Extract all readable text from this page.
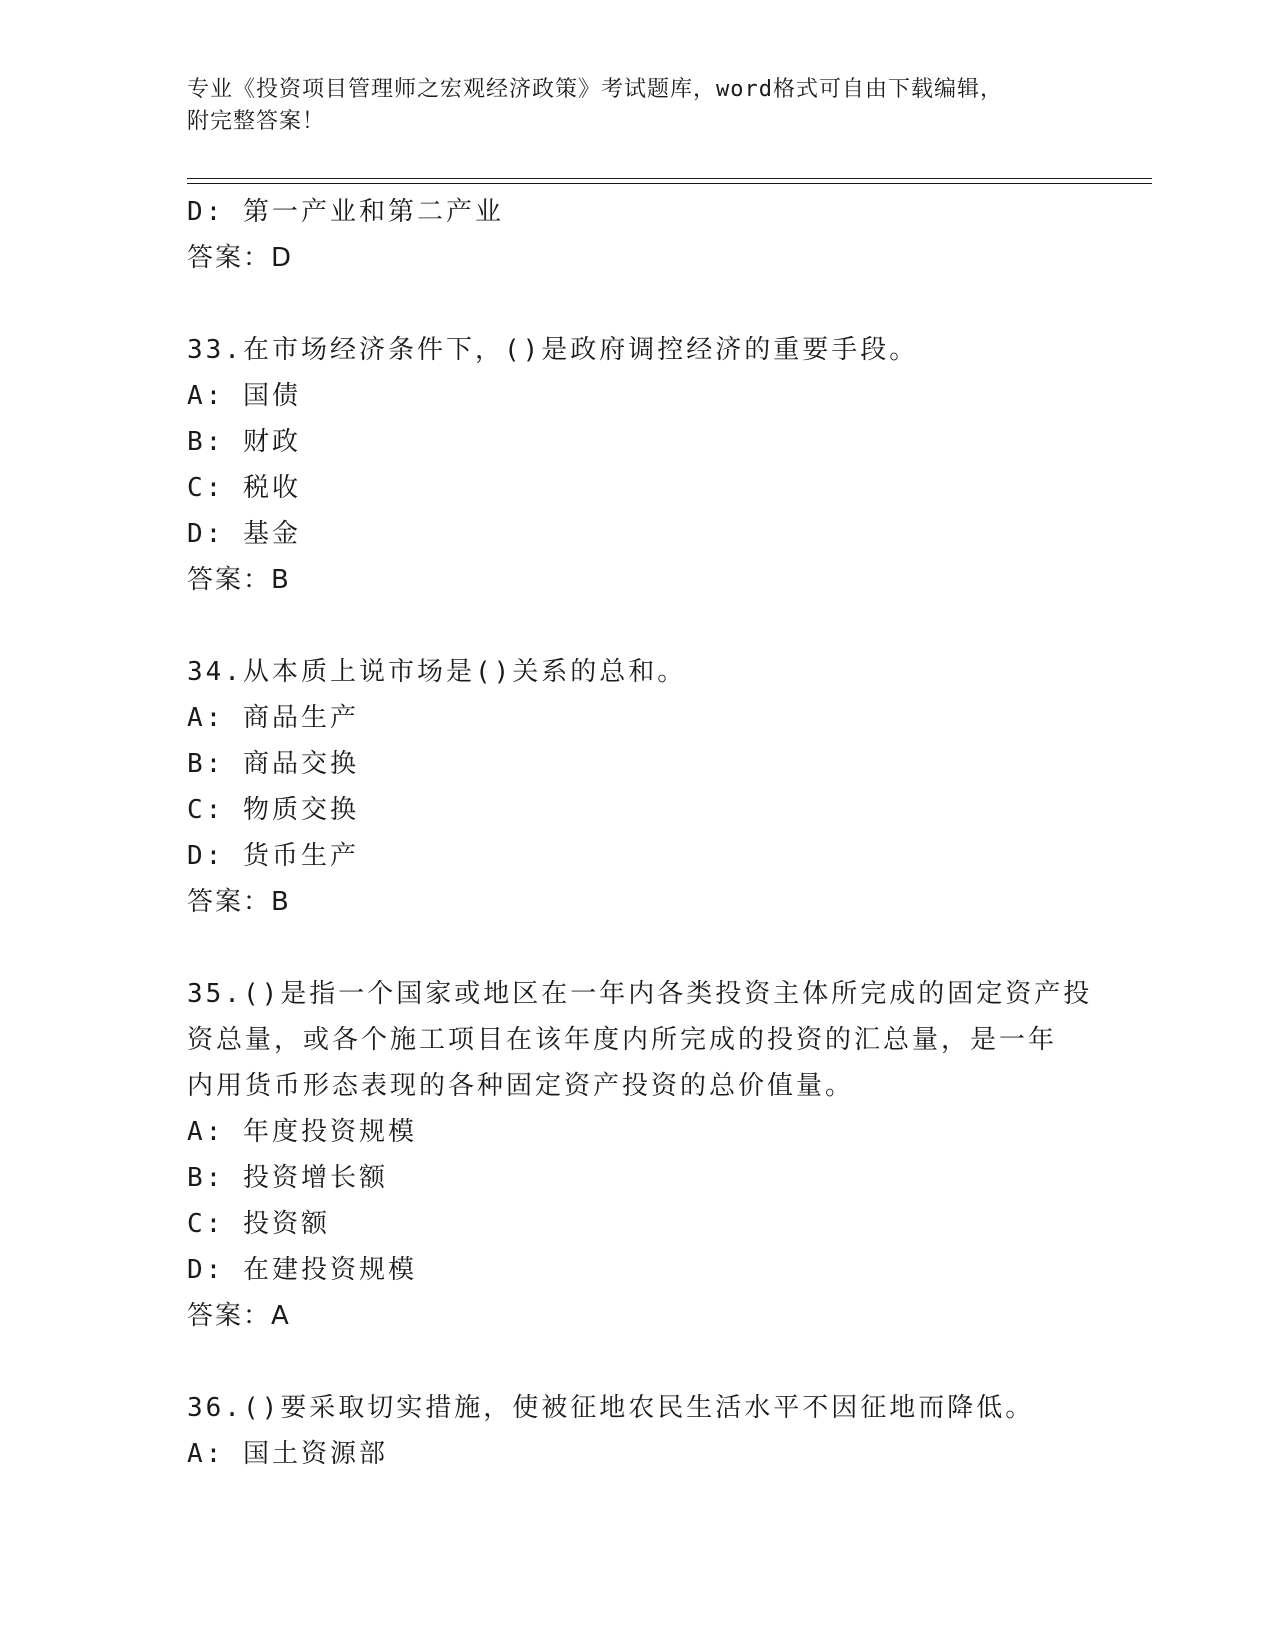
专业《投资项目管理师之宏观经济政策》考试题库，word格式可自由下载编辑，
附完整答案！
D: 第一产业和第二产业
答案：D
33.在市场经济条件下，()是政府调控经济的重要手段。
A: 国债
B: 财政
C: 税收
D: 基金
答案：B
34.从本质上说市场是()关系的总和。
A: 商品生产
B: 商品交换
C: 物质交换
D: 货币生产
答案：B
35.()是指一个国家或地区在一年内各类投资主体所完成的固定资产投
资总量，或各个施工项目在该年度内所完成的投资的汇总量，是一年
内用货币形态表现的各种固定资产投资的总价值量。
A: 年度投资规模
B: 投资增长额
C: 投资额
D: 在建投资规模
答案：A
36.()要采取切实措施，使被征地农民生活水平不因征地而降低。
A: 国土资源部
